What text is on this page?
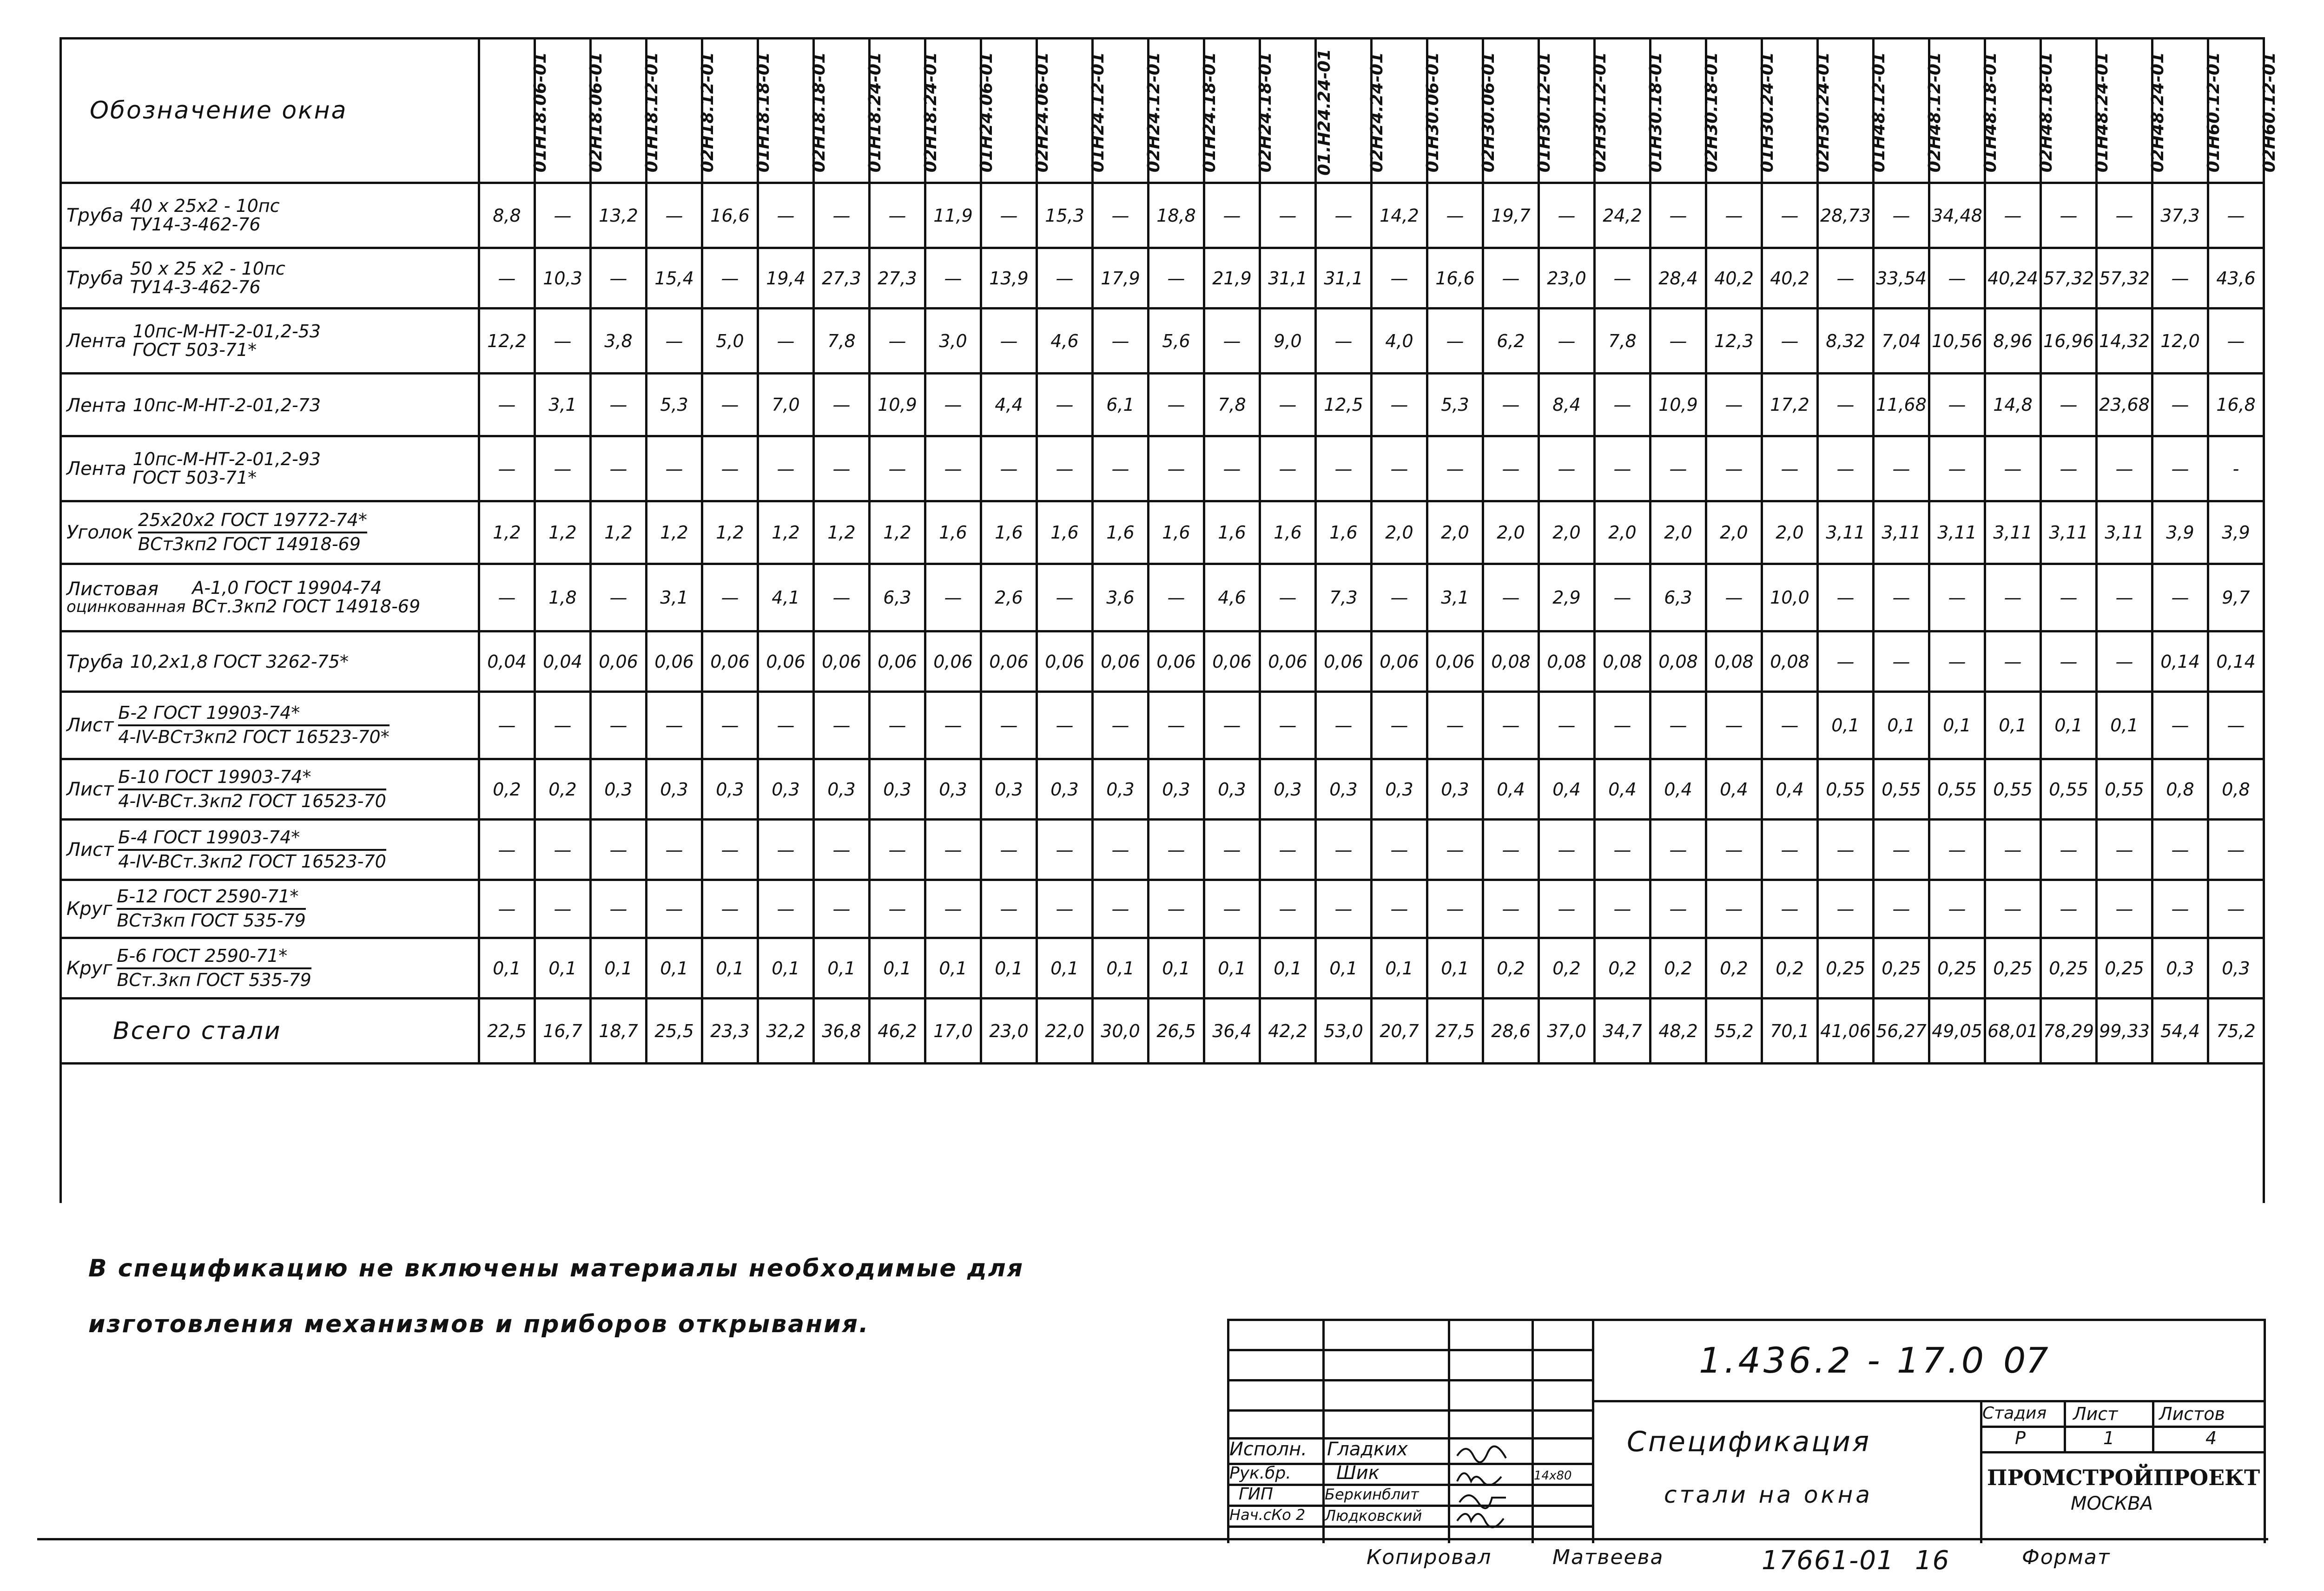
Обозначение окна	01Н18.06-01	02Н18.06-01	01Н18.12-01	02Н18.12-01	01Н18.18-01	02Н18.18-01	01Н18.24-01	02Н18.24-01	01Н24.06-01	02Н24.06-01	01Н24.12-01	02Н24.12-01	01Н24.18-01	02Н24.18-01	01.Н24.24-01	02Н24.24-01	01Н30.06-01	02Н30.06-01	01Н30.12-01	02Н30.12-01	01Н30.18-01	02Н30.18-01	01Н30.24-01	02Н30.24-01	01Н48.12-01	02Н48.12-01	01Н48.18-01	02Н48.18-01	01Н48.24-01	02Н48.24-01	01Н60.12-01	02Н60.12-01

Труба 40 х 25х2 - 10пс
ТУ14-3-462-76	8,8	—	13,2	—	16,6	—	—	—	11,9	—	15,3	—	18,8	—	—	—	14,2	—	19,7	—	24,2	—	—	—	28,73	—	34,48	—	—	—	37,3	—

Труба 50 х 25 х2 - 10пс
ТУ14-3-462-76	—	10,3	—	15,4	—	19,4	27,3	27,3	—	13,9	—	17,9	—	21,9	31,1	31,1	—	16,6	—	23,0	—	28,4	40,2	40,2	—	33,54	—	40,24	57,32	57,32	—	43,6

Лента 10пс-М-НТ-2-01,2-53
ГОСТ 503-71*	12,2	—	3,8	—	5,0	—	7,8	—	3,0	—	4,6	—	5,6	—	9,0	—	4,0	—	6,2	—	7,8	—	12,3	—	8,32	7,04	10,56	8,96	16,96	14,32	12,0	—

Лента 10пс-М-НТ-2-01,2-73	—	3,1	—	5,3	—	7,0	—	10,9	—	4,4	—	6,1	—	7,8	—	12,5	—	5,3	—	8,4	—	10,9	—	17,2	—	11,68	—	14,8	—	23,68	—	16,8

Лента 10пс-М-НТ-2-01,2-93
ГОСТ 503-71*	—	—	—	—	—	—	—	—	—	—	—	—	—	—	—	—	—	—	—	—	—	—	—	—	—	—	—	—	—	—	—	-

Уголок $\frac{\text{25х20х2 ГОСТ 19772-74*}}{\text{ВСт3кп2 ГОСТ 14918-69}}$	1,2	1,2	1,2	1,2	1,2	1,2	1,2	1,2	1,6	1,6	1,6	1,6	1,6	1,6	1,6	1,6	2,0	2,0	2,0	2,0	2,0	2,0	2,0	2,0	3,11	3,11	3,11	3,11	3,11	3,11	3,9	3,9

Листовая
оцинкованная
А-1,0 ГОСТ 19904-74
ВСт.3кп2 ГОСТ 14918-69	—	1,8	—	3,1	—	4,1	—	6,3	—	2,6	—	3,6	—	4,6	—	7,3	—	3,1	—	2,9	—	6,3	—	10,0	—	—	—	—	—	—	—	9,7

Труба 10,2х1,8 ГОСТ 3262-75*	0,04	0,04	0,06	0,06	0,06	0,06	0,06	0,06	0,06	0,06	0,06	0,06	0,06	0,06	0,06	0,06	0,06	0,06	0,08	0,08	0,08	0,08	0,08	0,08	—	—	—	—	—	—	0,14	0,14

Лист $\frac{\text{Б-2 ГОСТ 19903-74*}}{\text{4-IV-ВСт3кп2 ГОСТ 16523-70*}}$	—	—	—	—	—	—	—	—	—	—	—	—	—	—	—	—	—	—	—	—	—	—	—	—	0,1	0,1	0,1	0,1	0,1	0,1	—	—

Лист $\frac{\text{Б-10 ГОСТ 19903-74*}}{\text{4-IV-ВСт.3кп2 ГОСТ 16523-70}}$	0,2	0,2	0,3	0,3	0,3	0,3	0,3	0,3	0,3	0,3	0,3	0,3	0,3	0,3	0,3	0,3	0,3	0,3	0,4	0,4	0,4	0,4	0,4	0,4	0,55	0,55	0,55	0,55	0,55	0,55	0,8	0,8

Лист $\frac{\text{Б-4 ГОСТ 19903-74*}}{\text{4-IV-ВСт.3кп2 ГОСТ 16523-70}}$	—	—	—	—	—	—	—	—	—	—	—	—	—	—	—	—	—	—	—	—	—	—	—	—	—	—	—	—	—	—	—	—

Круг $\frac{\text{Б-12 ГОСТ 2590-71*}}{\text{ВСт3кп ГОСТ 535-79}}$	—	—	—	—	—	—	—	—	—	—	—	—	—	—	—	—	—	—	—	—	—	—	—	—	—	—	—	—	—	—	—	—

Круг $\frac{\text{Б-6 ГОСТ 2590-71*}}{\text{ВСт.3кп ГОСТ 535-79}}$	0,1	0,1	0,1	0,1	0,1	0,1	0,1	0,1	0,1	0,1	0,1	0,1	0,1	0,1	0,1	0,1	0,1	0,1	0,2	0,2	0,2	0,2	0,2	0,2	0,25	0,25	0,25	0,25	0,25	0,25	0,3	0,3
Всего стали	22,5	16,7	18,7	25,5	23,3	32,2	36,8	46,2	17,0	23,0	22,0	30,0	26,5	36,4	42,2	53,0	20,7	27,5	28,6	37,0	34,7	48,2	55,2	70,1	41,06	56,27	49,05	68,01	78,29	99,33	54,4	75,2

В спецификацию не включены материалы необходимые для
изготовления механизмов и приборов открывания.
Исполн. Гладких
Рук.бр. Шик
ГИП	Беркинблит
Нач.сКо 2 Людковский
14х80
1.436.2 - 17.0 07
Спецификация
стали на окна
Стадия Лист Листов
Р	1	4
ПРОМСТРОЙПРОЕКТ
МОСКВА
Копировал	Матвеева	17661-01 16	Формат
